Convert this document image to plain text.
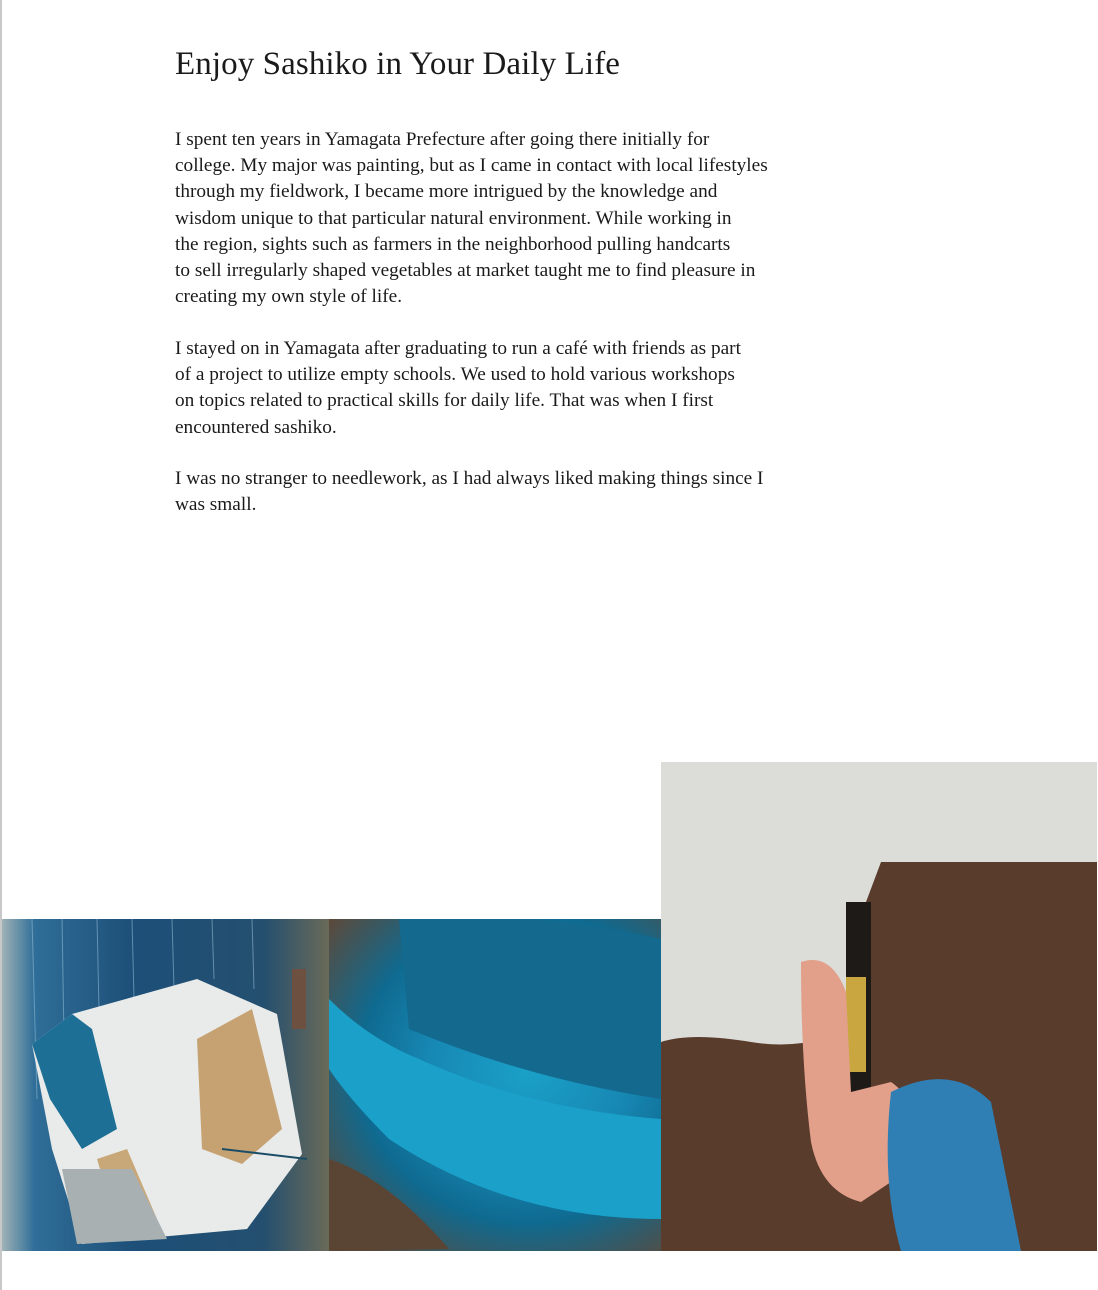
Enjoy Sashiko in Your Daily Life
I spent ten years in Yamagata Prefecture after going there initially for
college. My major was painting, but as I came in contact with local lifestyles
through my fieldwork, I became more intrigued by the knowledge and
wisdom unique to that particular natural environment. While working in
the region, sights such as farmers in the neighborhood pulling handcarts
to sell irregularly shaped vegetables at market taught me to find pleasure in
creating my own style of life.
I stayed on in Yamagata after graduating to run a café with friends as part
of a project to utilize empty schools. We used to hold various workshops
on topics related to practical skills for daily life. That was when I first
encountered sashiko.
I was no stranger to needlework, as I had always liked making things since I
was small.
